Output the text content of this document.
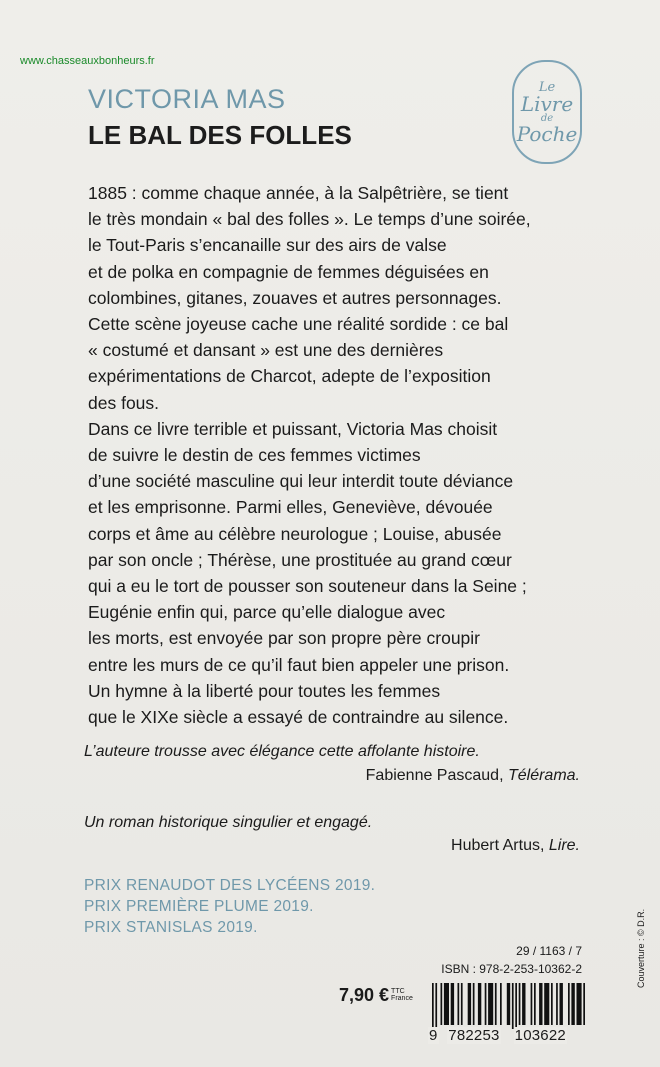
www.chasseauxbonheurs.fr
VICTORIA MAS
LE BAL DES FOLLES
Le
Livre
de
Poche

1885 : comme chaque année, à la Salpêtrière, se tient

le très mondain « bal des folles ». Le temps d’une soirée,

le Tout-Paris s’encanaille sur des airs de valse

et de polka en compagnie de femmes déguisées en

colombines, gitanes, zouaves et autres personnages.

Cette scène joyeuse cache une réalité sordide : ce bal

« costumé et dansant » est une des dernières

expérimentations de Charcot, adepte de l’exposition

des fous.

Dans ce livre terrible et puissant, Victoria Mas choisit

de suivre le destin de ces femmes victimes

d’une société masculine qui leur interdit toute déviance

et les emprisonne. Parmi elles, Geneviève, dévouée

corps et âme au célèbre neurologue ; Louise, abusée

par son oncle ; Thérèse, une prostituée au grand cœur

qui a eu le tort de pousser son souteneur dans la Seine ;

Eugénie enfin qui, parce qu’elle dialogue avec

les morts, est envoyée par son propre père croupir

entre les murs de ce qu’il faut bien appeler une prison.

Un hymne à la liberté pour toutes les femmes

que le XIXe siècle a essayé de contraindre au silence.

L’auteure trousse avec élégance cette affolante histoire.
Fabienne Pascaud, Télérama.
Un roman historique singulier et engagé.
Hubert Artus, Lire.
PRIX RENAUDOT DES LYCÉENS 2019.
PRIX PREMIÈRE PLUME 2019.
PRIX STANISLAS 2019.
29 / 1163 / 7
ISBN : 978-2-253-10362-2
7,90 € TTC
France
9 782253 103622
Couverture : © D.R.
